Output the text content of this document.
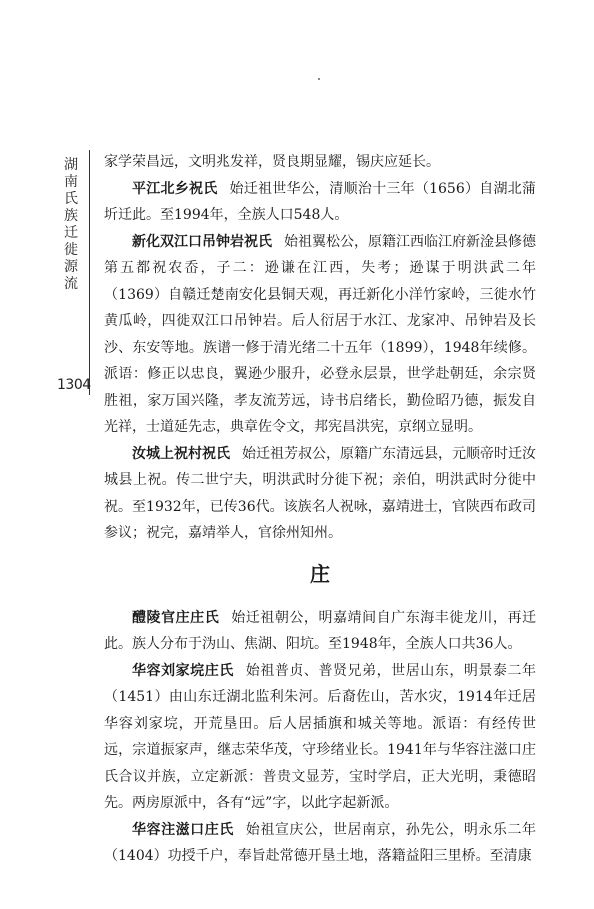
湖南氏族迁徙源流
1304

家学荣昌远，文明兆发祥，贤良期显耀，锡庆应延长。

平江北乡祝氏 始迁祖世华公，清顺治十三年（1656）自湖北蒲圻迁此。至1994年，全族人口548人。

新化双江口吊钟岩祝氏 始祖翼松公，原籍江西临江府新淦县修德第五都祝农岙，子二：逊谦在江西，失考；逊谋于明洪武二年（1369）自赣迁楚南安化县铜天观，再迁新化小洋竹家岭，三徙水竹黄瓜岭，四徙双江口吊钟岩。后人衍居于水江、龙家冲、吊钟岩及长沙、东安等地。族谱一修于清光绪二十五年（1899），1948年续修。派语：修正以忠良，翼逊少服升，必登永层景，世学赴朝廷，余宗贤胜祖，家万国兴隆，孝友流芳远，诗书启绪长，勤俭昭乃德，振发自光祥，士道延先志，典章佐令文，邦宪昌洪宪，京纲立显明。

汝城上祝村祝氏 始迁祖芳叔公，原籍广东清远县，元顺帝时迁汝城县上祝。传二世宁夫，明洪武时分徙下祝；亲伯，明洪武时分徙中祝。至1932年，已传36代。该族名人祝咏，嘉靖进士，官陕西布政司参议；祝完，嘉靖举人，官徐州知州。

庄

醴陵官庄庄氏 始迁祖朝公，明嘉靖间自广东海丰徙龙川，再迁此。族人分布于沩山、焦湖、阳坑。至1948年，全族人口共36人。

华容刘家垸庄氏 始祖普贞、普贤兄弟，世居山东，明景泰二年（1451）由山东迁湖北监利朱河。后裔佐山，苦水灾，1914年迁居华容刘家垸，开荒垦田。后人居插旗和城关等地。派语：有经传世远，宗道振家声，继志荣华茂，守珍绪业长。1941年与华容注滋口庄氏合议并族，立定新派：普贵文显芳，宝时学启，正大光明，秉德昭先。两房原派中，各有“远”字，以此字起新派。

华容注滋口庄氏 始祖宣庆公，世居南京，孙先公，明永乐二年（1404）功授千户，奉旨赴常德开垦土地，落籍益阳三里桥。至清康
